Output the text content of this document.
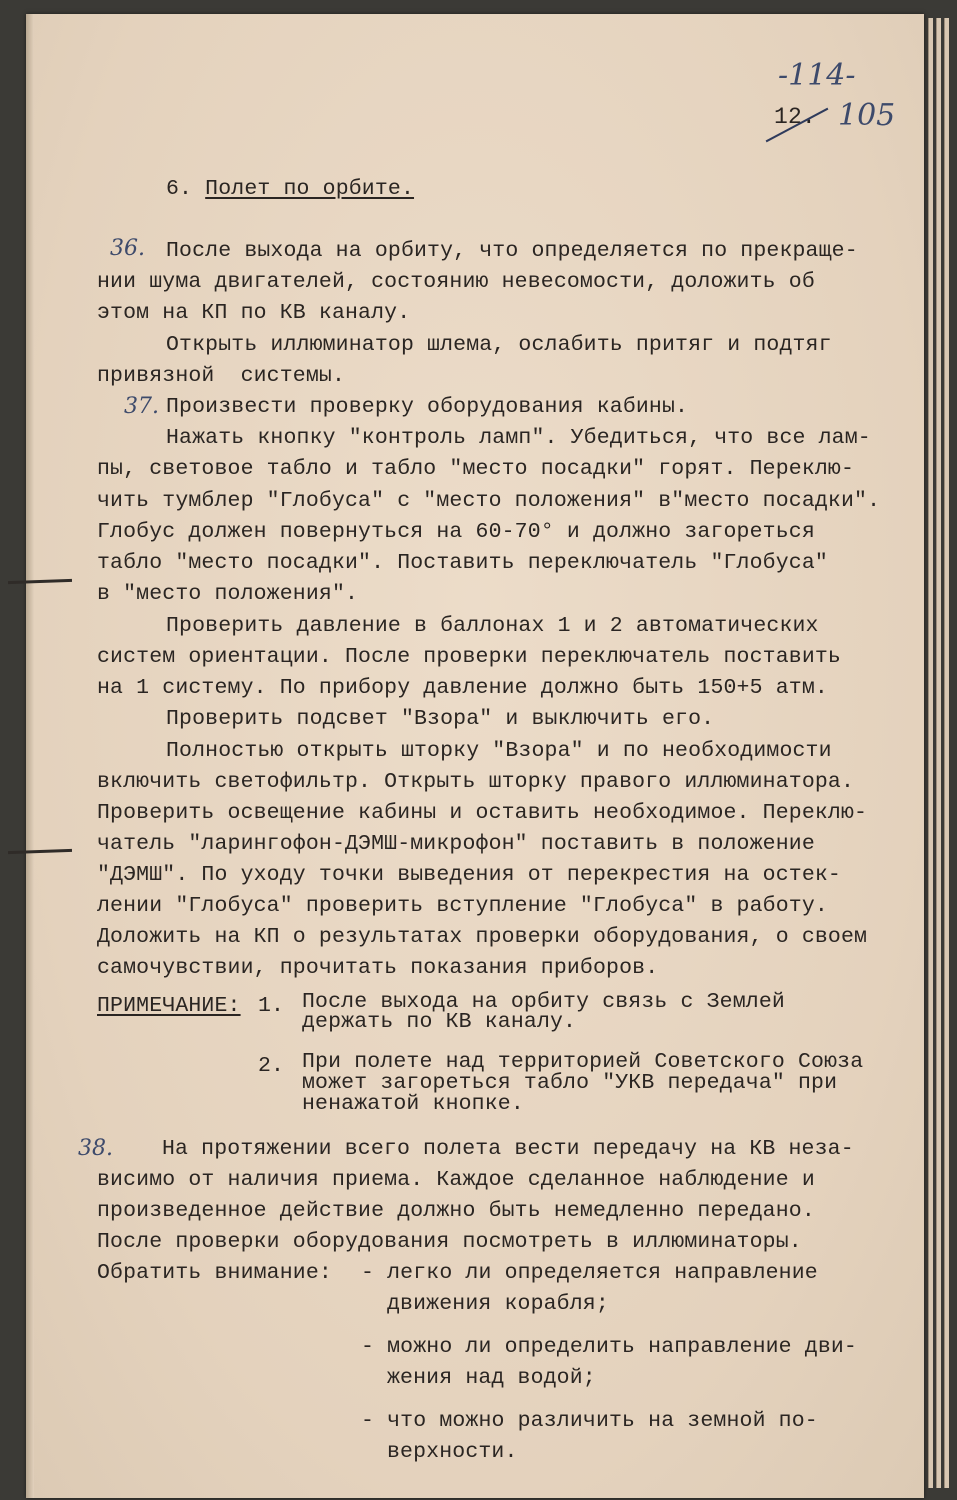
-114-
12. 105
6. Полет по орбите.
36. После выхода на орбиту, что определяется по прекраще-
нии шума двигателей, состоянию невесомости, доложить об
этом на КП по КВ каналу.
Открыть иллюминатор шлема, ослабить притяг и подтяг
привязной  системы.
37. Произвести проверку оборудования кабины.
Нажать кнопку "контроль ламп". Убедиться, что все лам-
пы, световое табло и табло "место посадки" горят. Переклю-
чить тумблер "Глобуса" с "место положения" в"место посадки".
Глобус должен повернуться на 60-70° и должно загореться
табло "место посадки". Поставить переключатель "Глобуса"
в "место положения".
Проверить давление в баллонах 1 и 2 автоматических
систем ориентации. После проверки переключатель поставить
на 1 систему. По прибору давление должно быть 150+5 атм.
Проверить подсвет "Взора" и выключить его.
Полностью открыть шторку "Взора" и по необходимости
включить светофильтр. Открыть шторку правого иллюминатора.
Проверить освещение кабины и оставить необходимое. Переклю-
чатель "ларингофон-ДЭМШ-микрофон" поставить в положение
"ДЭМШ". По уходу точки выведения от перекрестия на остек-
лении "Глобуса" проверить вступление "Глобуса" в работу.
Доложить на КП о результатах проверки оборудования, о своем
самочувствии, прочитать показания приборов.
ПРИМЕЧАНИЕ: 1. После выхода на орбиту связь с Землей
держать по КВ каналу.
2. При полете над территорией Советского Союза
может загореться табло "УКВ передача" при
ненажатой кнопке.
38. На протяжении всего полета вести передачу на КВ неза-
висимо от наличия приема. Каждое сделанное наблюдение и
произведенное действие должно быть немедленно передано.
После проверки оборудования посмотреть в иллюминаторы.
Обратить внимание: - легко ли определяется направление
движения корабля;
- можно ли определить направление дви-
жения над водой;
- что можно различить на земной по-
верхности.
